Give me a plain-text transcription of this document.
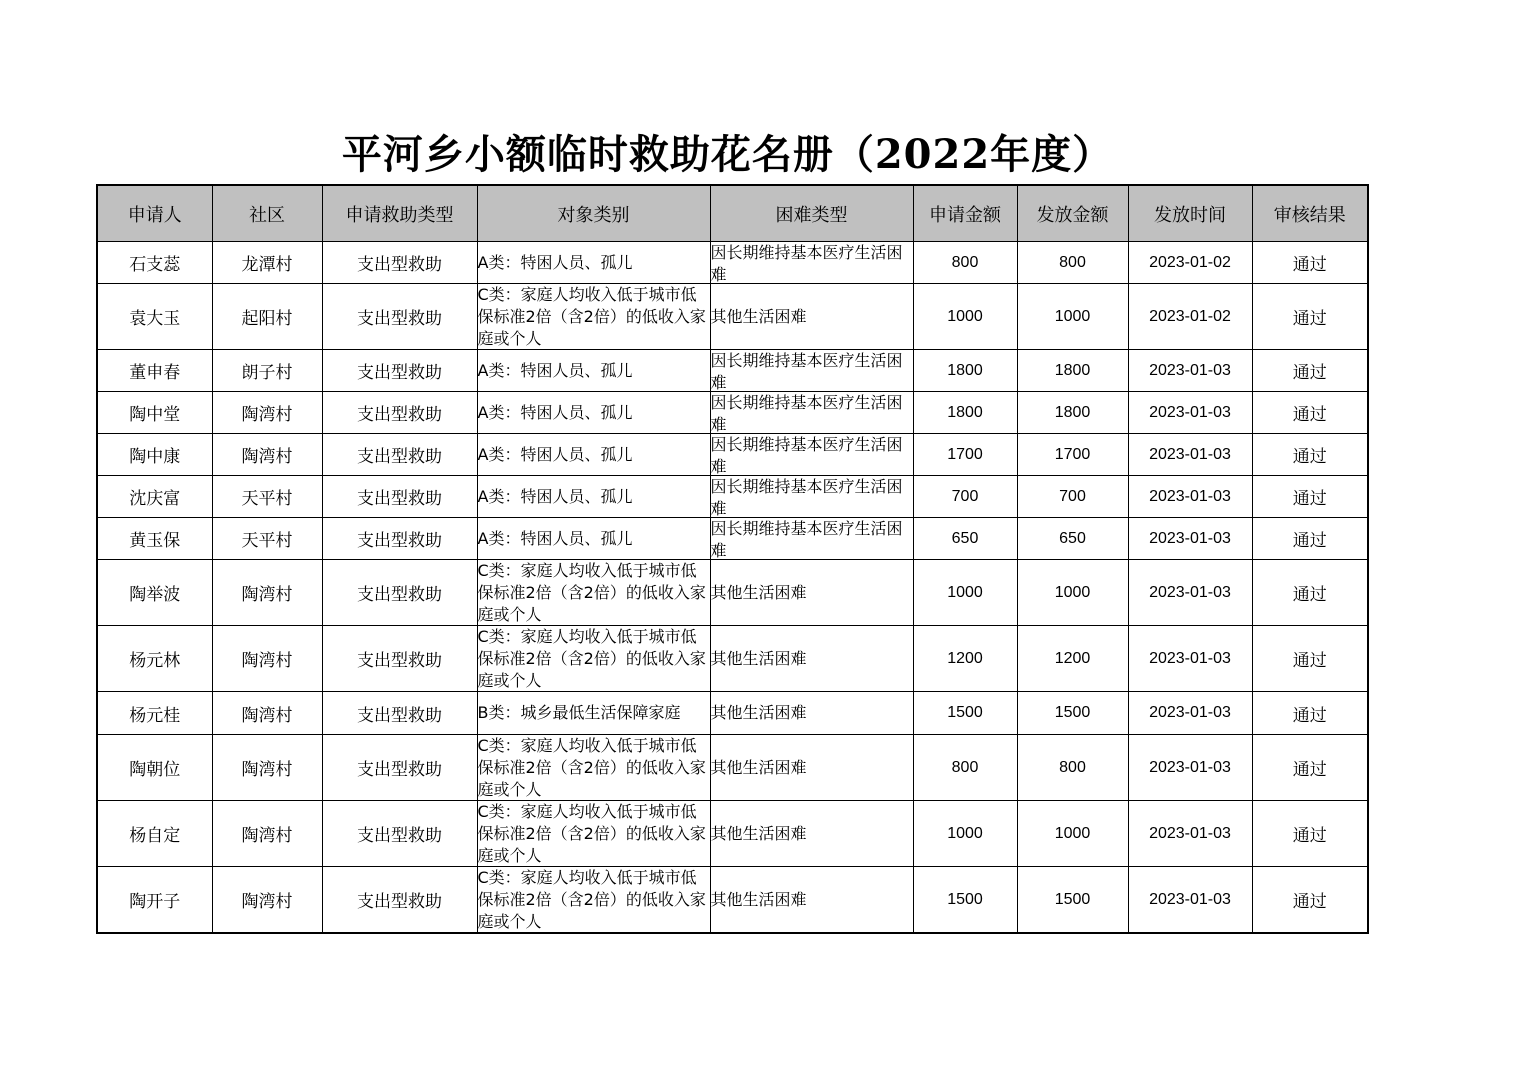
平河乡小额临时救助花名册（2022年度）
申请人	社区	申请救助类型	对象类别	困难类型	申请金额	发放金额	发放时间	审核结果
石支蕊	龙潭村	支出型救助	A类：特困人员、孤儿	因长期维持基本医疗生活困难	800	800	2023-01-02	通过
袁大玉	起阳村	支出型救助	C类：家庭人均收入低于城市低保标准2倍（含2倍）的低收入家庭或个人	其他生活困难	1000	1000	2023-01-02	通过
董申春	朗子村	支出型救助	A类：特困人员、孤儿	因长期维持基本医疗生活困难	1800	1800	2023-01-03	通过
陶中堂	陶湾村	支出型救助	A类：特困人员、孤儿	因长期维持基本医疗生活困难	1800	1800	2023-01-03	通过
陶中康	陶湾村	支出型救助	A类：特困人员、孤儿	因长期维持基本医疗生活困难	1700	1700	2023-01-03	通过
沈庆富	天平村	支出型救助	A类：特困人员、孤儿	因长期维持基本医疗生活困难	700	700	2023-01-03	通过
黄玉保	天平村	支出型救助	A类：特困人员、孤儿	因长期维持基本医疗生活困难	650	650	2023-01-03	通过
陶举波	陶湾村	支出型救助	C类：家庭人均收入低于城市低保标准2倍（含2倍）的低收入家庭或个人	其他生活困难	1000	1000	2023-01-03	通过
杨元林	陶湾村	支出型救助	C类：家庭人均收入低于城市低保标准2倍（含2倍）的低收入家庭或个人	其他生活困难	1200	1200	2023-01-03	通过
杨元桂	陶湾村	支出型救助	B类：城乡最低生活保障家庭	其他生活困难	1500	1500	2023-01-03	通过
陶朝位	陶湾村	支出型救助	C类：家庭人均收入低于城市低保标准2倍（含2倍）的低收入家庭或个人	其他生活困难	800	800	2023-01-03	通过
杨自定	陶湾村	支出型救助	C类：家庭人均收入低于城市低保标准2倍（含2倍）的低收入家庭或个人	其他生活困难	1000	1000	2023-01-03	通过
陶开子	陶湾村	支出型救助	C类：家庭人均收入低于城市低保标准2倍（含2倍）的低收入家庭或个人	其他生活困难	1500	1500	2023-01-03	通过
